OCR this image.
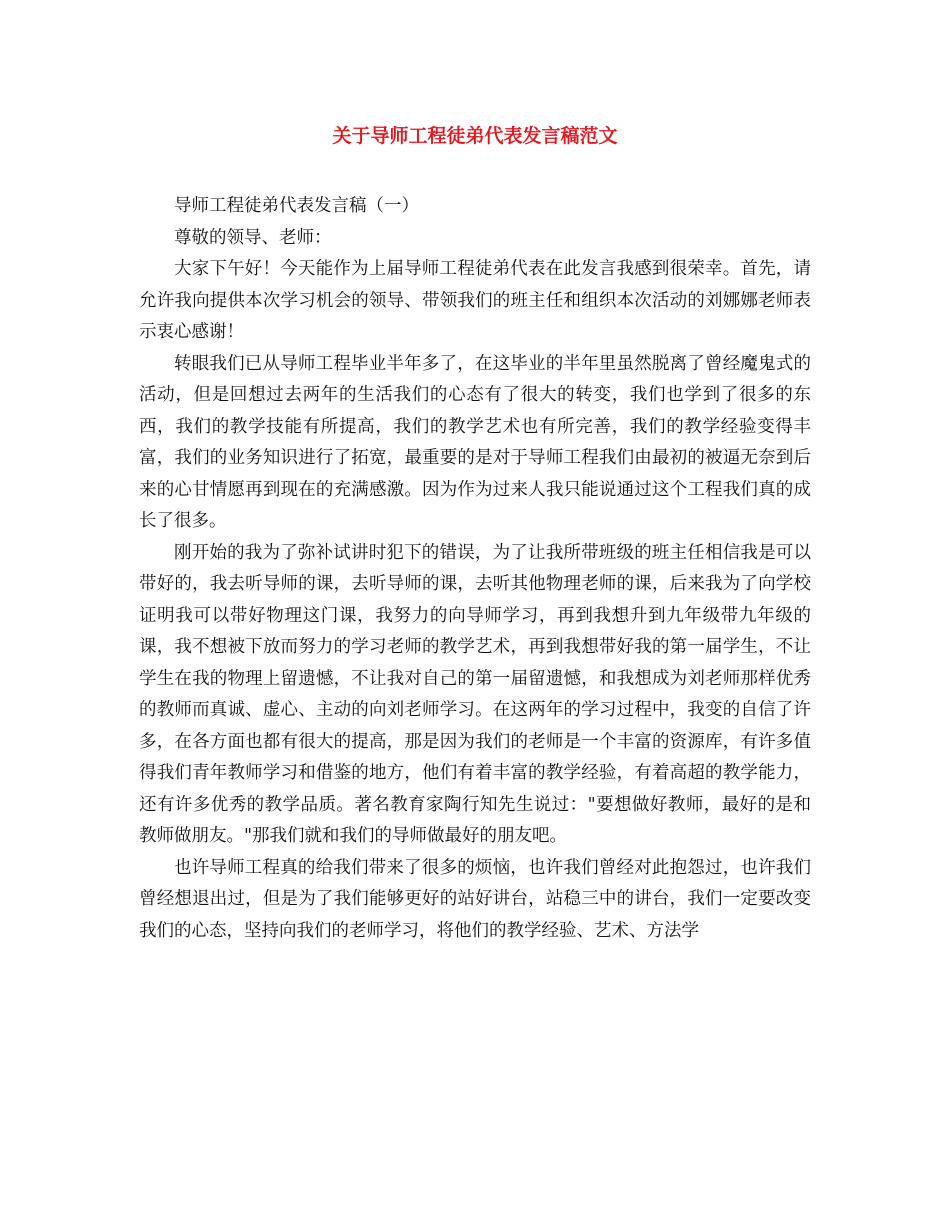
关于导师工程徒弟代表发言稿范文

导师工程徒弟代表发言稿（一）

尊敬的领导、老师：

大家下午好！今天能作为上届导师工程徒弟代表在此发言我感到很荣幸。首先，请允许我向提供本次学习机会的领导、带领我们的班主任和组织本次活动的刘娜娜老师表示衷心感谢！

转眼我们已从导师工程毕业半年多了，在这毕业的半年里虽然脱离了曾经魔鬼式的活动，但是回想过去两年的生活我们的心态有了很大的转变，我们也学到了很多的东西，我们的教学技能有所提高，我们的教学艺术也有所完善，我们的教学经验变得丰富，我们的业务知识进行了拓宽，最重要的是对于导师工程我们由最初的被逼无奈到后来的心甘情愿再到现在的充满感激。因为作为过来人我只能说通过这个工程我们真的成长了很多。

刚开始的我为了弥补试讲时犯下的错误，为了让我所带班级的班主任相信我是可以带好的，我去听导师的课，去听导师的课，去听其他物理老师的课，后来我为了向学校证明我可以带好物理这门课，我努力的向导师学习，再到我想升到九年级带九年级的课，我不想被下放而努力的学习老师的教学艺术，再到我想带好我的第一届学生，不让学生在我的物理上留遗憾，不让我对自己的第一届留遗憾，和我想成为刘老师那样优秀的教师而真诚、虚心、主动的向刘老师学习。在这两年的学习过程中，我变的自信了许多，在各方面也都有很大的提高，那是因为我们的老师是一个丰富的资源库，有许多值得我们青年教师学习和借鉴的地方，他们有着丰富的教学经验，有着高超的教学能力，还有许多优秀的教学品质。著名教育家陶行知先生说过："要想做好教师，最好的是和教师做朋友。"那我们就和我们的导师做最好的朋友吧。

也许导师工程真的给我们带来了很多的烦恼，也许我们曾经对此抱怨过，也许我们曾经想退出过，但是为了我们能够更好的站好讲台，站稳三中的讲台，我们一定要改变我们的心态，坚持向我们的老师学习，将他们的教学经验、艺术、方法学
